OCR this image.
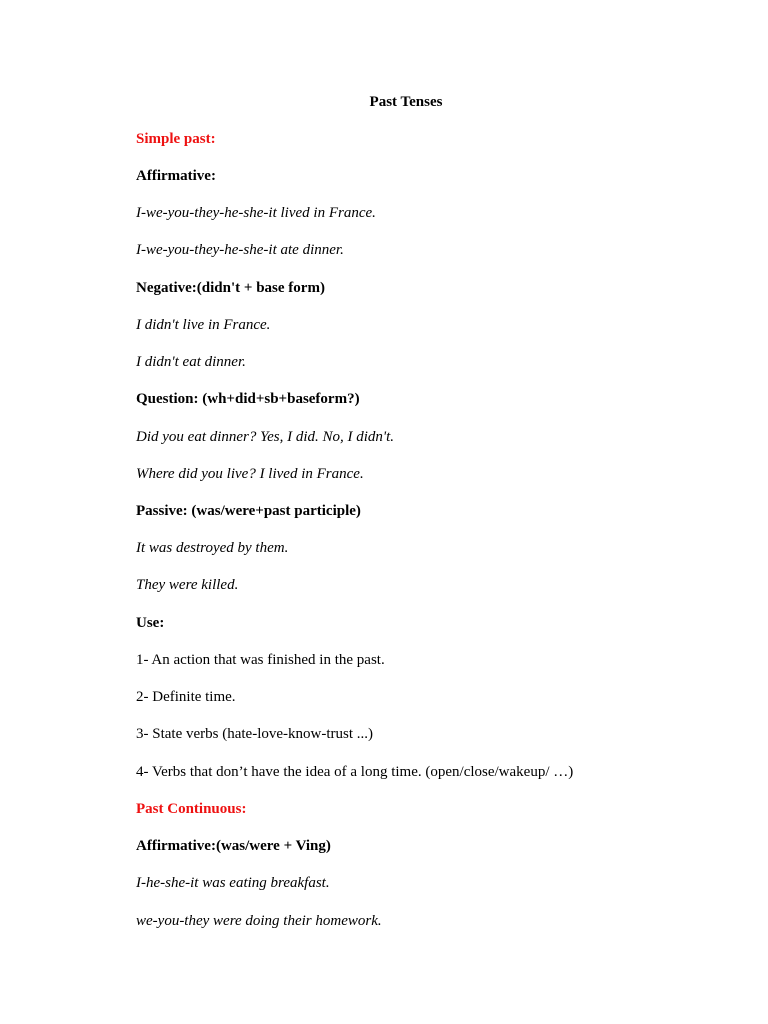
Past Tenses
Simple past:
Affirmative:
I-we-you-they-he-she-it lived in France.
I-we-you-they-he-she-it ate dinner.
Negative:(didn't + base form)
I didn't live in France.
I didn't eat dinner.
Question: (wh+did+sb+baseform?)
Did you eat dinner? Yes, I did. No, I didn't.
Where did you live? I lived in France.
Passive: (was/were+past participle)
It was destroyed by them.
They were killed.
Use:
1- An action that was finished in the past.
2- Definite time.
3- State verbs (hate-love-know-trust ...)
4- Verbs that don’t have the idea of a long time. (open/close/wakeup/ …)
Past Continuous:
Affirmative:(was/were + Ving)
I-he-she-it was eating breakfast.
we-you-they were doing their homework.
